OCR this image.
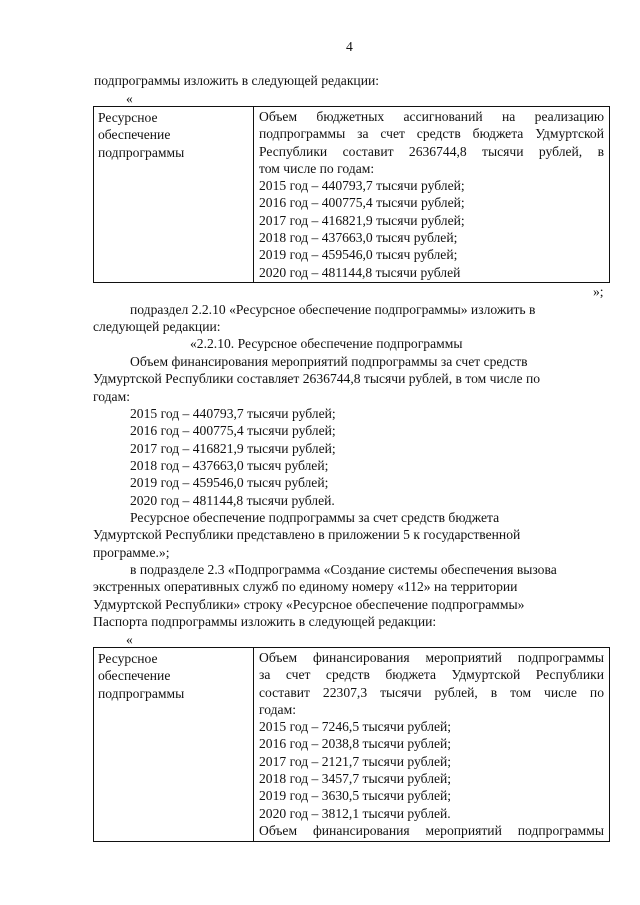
4
подпрограммы изложить в следующей редакции:
«
Ресурсное
обеспечение
подпрограммы

Объем бюджетных ассигнований на реализацию
подпрограммы за счет средств бюджета Удмуртской
Республики составит 2636744,8 тысячи рублей, в
том числе по годам:
2015 год – 440793,7 тысячи рублей;
2016 год – 400775,4 тысячи рублей;
2017 год – 416821,9 тысячи рублей;
2018 год – 437663,0 тысяч рублей;
2019 год – 459546,0 тысяч рублей;
2020 год – 481144,8 тысячи рублей
»;
подраздел 2.2.10 «Ресурсное обеспечение подпрограммы» изложить в
следующей редакции:
«2.2.10. Ресурсное обеспечение подпрограммы
Объем финансирования мероприятий подпрограммы за счет средств
Удмуртской Республики составляет 2636744,8 тысячи рублей, в том числе по
годам:
2015 год – 440793,7 тысячи рублей;
2016 год – 400775,4 тысячи рублей;
2017 год – 416821,9 тысячи рублей;
2018 год – 437663,0 тысяч рублей;
2019 год – 459546,0 тысяч рублей;
2020 год – 481144,8 тысячи рублей.
Ресурсное обеспечение подпрограммы за счет средств бюджета
Удмуртской Республики представлено в приложении 5 к государственной
программе.»;
в подразделе 2.3 «Подпрограмма «Создание системы обеспечения вызова
экстренных оперативных служб по единому номеру «112» на территории
Удмуртской Республики» строку «Ресурсное обеспечение подпрограммы»
Паспорта подпрограммы изложить в следующей редакции:
«
Ресурсное
обеспечение
подпрограммы

Объем финансирования мероприятий подпрограммы
за счет средств бюджета Удмуртской Республики
составит 22307,3 тысячи рублей, в том числе по
годам:
2015 год – 7246,5 тысячи рублей;
2016 год – 2038,8 тысячи рублей;
2017 год – 2121,7 тысячи рублей;
2018 год – 3457,7 тысячи рублей;
2019 год – 3630,5 тысячи рублей;
2020 год – 3812,1 тысячи рублей.
Объем финансирования мероприятий подпрограммы
